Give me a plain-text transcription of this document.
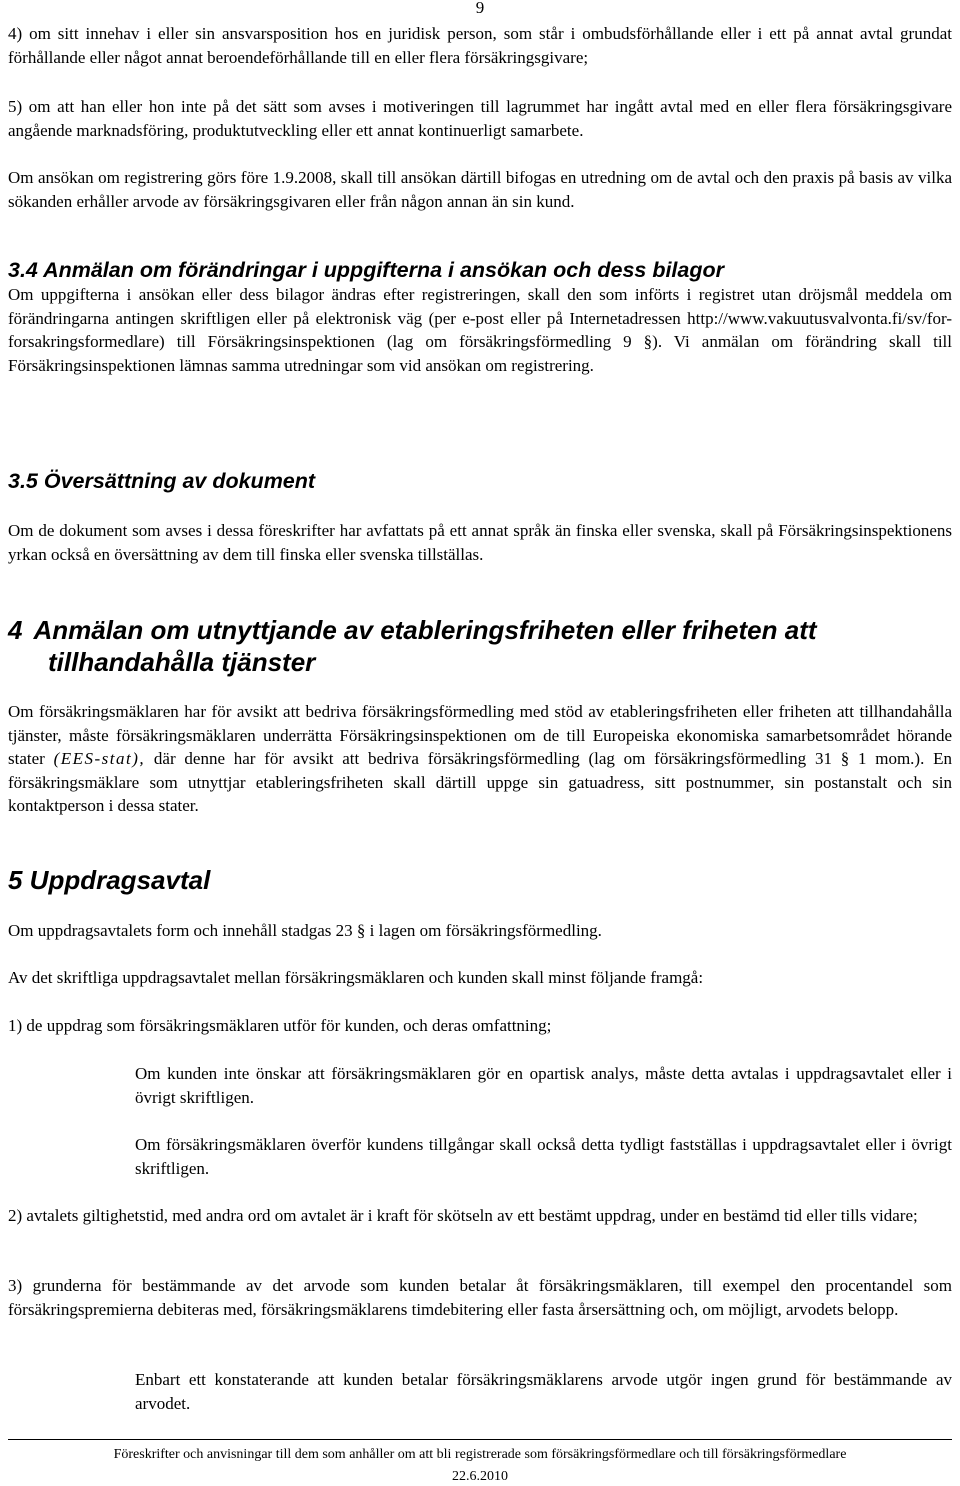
9

4) om sitt innehav i eller sin ansvarsposition hos en juridisk person, som står i ombudsförhållande eller i ett på annat avtal grundat förhållande eller något annat beroendeförhållande till en eller flera försäkringsgivare;

5) om att han eller hon inte på det sätt som avses i motiveringen till lagrummet har ingått avtal med en eller flera försäkringsgivare angående marknadsföring, produktutveckling eller ett annat kontinuerligt samarbete.

Om ansökan om registrering görs före 1.9.2008, skall till ansökan därtill bifogas en utredning om de avtal och den praxis på basis av vilka sökanden erhåller arvode av försäkringsgivaren eller från någon annan än sin kund.

3.4 Anmälan om förändringar i uppgifterna i ansökan och dess bilagor

Om uppgifterna i ansökan eller dess bilagor ändras efter registreringen, skall den som införts i registret utan dröjsmål meddela om förändringarna antingen skriftligen eller på elektronisk väg (per e-post eller på Internetadressen http://www.vakuutusvalvonta.fi/sv/for-forsakringsformedlare) till Försäkringsinspektionen (lag om försäkringsförmedling 9 §). Vi anmälan om förändring skall till Försäkringsinspektionen lämnas samma utredningar som vid ansökan om registrering.

3.5 Översättning av dokument

Om de dokument som avses i dessa föreskrifter har avfattats på ett annat språk än finska eller svenska, skall på Försäkringsinspektionens yrkan också en översättning av dem till finska eller svenska tillställas.

4 Anmälan om utnyttjande av etableringsfriheten eller friheten att
tillhandahålla tjänster

Om försäkringsmäklaren har för avsikt att bedriva försäkringsförmedling med stöd av etableringsfriheten eller friheten att tillhandahålla tjänster, måste försäkringsmäklaren underrätta Försäkringsinspektionen om de till Europeiska ekonomiska samarbetsområdet hörande stater (EES-stat), där denne har för avsikt att bedriva försäkringsförmedling (lag om försäkringsförmedling 31 § 1 mom.). En försäkringsmäklare som utnyttjar etableringsfriheten skall därtill uppge sin gatuadress, sitt postnummer, sin postanstalt och sin kontaktperson i dessa stater.

5 Uppdragsavtal

Om uppdragsavtalets form och innehåll stadgas 23 § i lagen om försäkringsförmedling.

Av det skriftliga uppdragsavtalet mellan försäkringsmäklaren och kunden skall minst följande framgå:

1) de uppdrag som försäkringsmäklaren utför för kunden, och deras omfattning;

Om kunden inte önskar att försäkringsmäklaren gör en opartisk analys, måste detta avtalas i uppdragsavtalet eller i övrigt skriftligen.

Om försäkringsmäklaren överför kundens tillgångar skall också detta tydligt fastställas i uppdragsavtalet eller i övrigt skriftligen.

2) avtalets giltighetstid, med andra ord om avtalet är i kraft för skötseln av ett bestämt uppdrag, under en bestämd tid eller tills vidare;

3) grunderna för bestämmande av det arvode som kunden betalar åt försäkringsmäklaren, till exempel den procentandel som försäkringspremierna debiteras med, försäkringsmäklarens timdebitering eller fasta årsersättning och, om möjligt, arvodets belopp.

Enbart ett konstaterande att kunden betalar försäkringsmäklarens arvode utgör ingen grund för bestämmande av arvodet.

Föreskrifter och anvisningar till dem som anhåller om att bli registrerade som försäkringsförmedlare och till försäkringsförmedlare

22.6.2010
